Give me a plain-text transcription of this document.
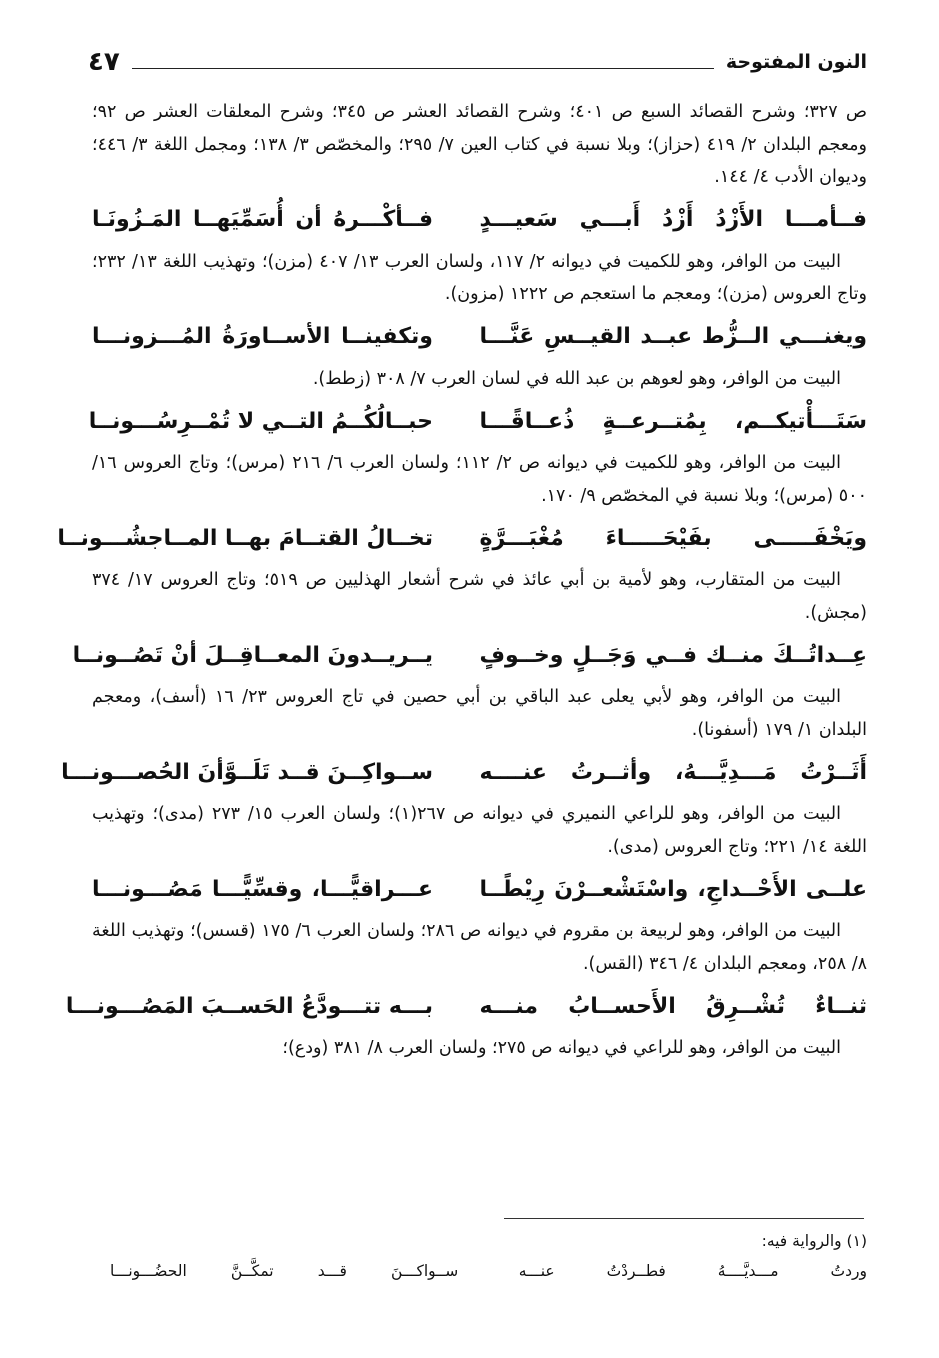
النون المفتوحة
٤٧

ص ٣٢٧؛ وشرح القصائد السبع ص ٤٠١؛ وشرح القصائد العشر ص ٣٤٥؛ وشرح المعلقات العشر ص ٩٢؛ ومعجم البلدان ٢/ ٤١٩ (حزاز)؛ وبلا نسبة في كتاب العين ٧/ ٢٩٥؛ والمخصّص ٣/ ١٣٨؛ ومجمل اللغة ٣/ ٤٤٦؛ وديوان الأدب ٤/ ١٤٤.

فــأمـــا الأَزْدُ أَزْدُ أَبـــي سَعيـــدٍ
فــأكْـــرهُ أن أُسَمِّيَهــا المَـزُونَـا

البيت من الوافر، وهو للكميت في ديوانه ٢/ ١١٧، ولسان العرب ١٣/ ٤٠٧ (مزن)؛ وتهذيب اللغة ١٣/ ٢٣٢؛ وتاج العروس (مزن)؛ ومعجم ما استعجم ص ١٢٢٢ (مزون).

ويغنـــي الــزُّط عبــد القيــسِ عَنَّـــا
وتكفينــا الأســاورَةُ المُـــزونـــا

البيت من الوافر، وهو لعوهم بن عبد الله في لسان العرب ٧/ ٣٠٨ (زطط).

سَتَـــأْتيكــم، بِمُتــرعــةٍ ذُعــاقًـــا
حبــالُكُــمُ التــي لا تُمْــرِسُـــونــا

البيت من الوافر، وهو للكميت في ديوانه ص ٢/ ١١٢؛ ولسان العرب ٦/ ٢١٦ (مرس)؛ وتاج العروس ١٦/ ٥٠٠ (مرس)؛ وبلا نسبة في المخصّص ٩/ ١٧٠.

ويَخْفَـــــى بفَيْحَـــــاءَ مُغْبَـــرَّةٍ
تخــالُ القتــامَ بهــا المــاجشُـــونــا

البيت من المتقارب، وهو لأمية بن أبي عائذ في شرح أشعار الهذليين ص ٥١٩؛ وتاج العروس ١٧/ ٣٧٤ (مجش).

عِــداتُــكَ منــك فــي وَجَــلٍ وخــوفٍ
يــريــدونَ المعــاقِــلَ أنْ تَصُــونــا

البيت من الوافر، وهو لأبي يعلى عبد الباقي بن أبي حصين في تاج العروس ٢٣/ ١٦ (أسف)، ومعجم البلدان ١/ ١٧٩ (أسفونا).

أَثَــرْتُ مَـــدِيَّـــهُ، وأثــرتُ عنــــه
ســواكِــنَ قــد تَلَــوَّأنَ الحُصـــونـــا

البيت من الوافر، وهو للراعي النميري في ديوانه ص ٢٦٧(١)؛ ولسان العرب ١٥/ ٢٧٣ (مدى)؛ وتهذيب اللغة ١٤/ ٢٢١؛ وتاج العروس (مدى).

علــى الأَحْــداجِ، واسْتَشْعــرْنَ رِيْطًــا
عـــراقيًّـــا، وقسِّيًّـــا مَصُـــونـــا

البيت من الوافر، وهو لربيعة بن مقروم في ديوانه ص ٢٨٦؛ ولسان العرب ٦/ ١٧٥ (قسس)؛ وتهذيب اللغة ٨/ ٢٥٨، ومعجم البلدان ٤/ ٣٤٦ (القس).

ثنــاءٌ تُشْــرِقُ الأَحســابُ منـــه
بـــه تتـــودَّعُ الحَســبَ المَصُـــونـــا

البيت من الوافر، وهو للراعي في ديوانه ص ٢٧٥؛ ولسان العرب ٨/ ٣٨١ (ودع)؛

(١) والرواية فيه:

وردتُ مـــديَّــــهُ فطــردْتُ عنـــه
ســواكـــنَ قـــد تمكَّــنَّ الحضُـــونـــا
